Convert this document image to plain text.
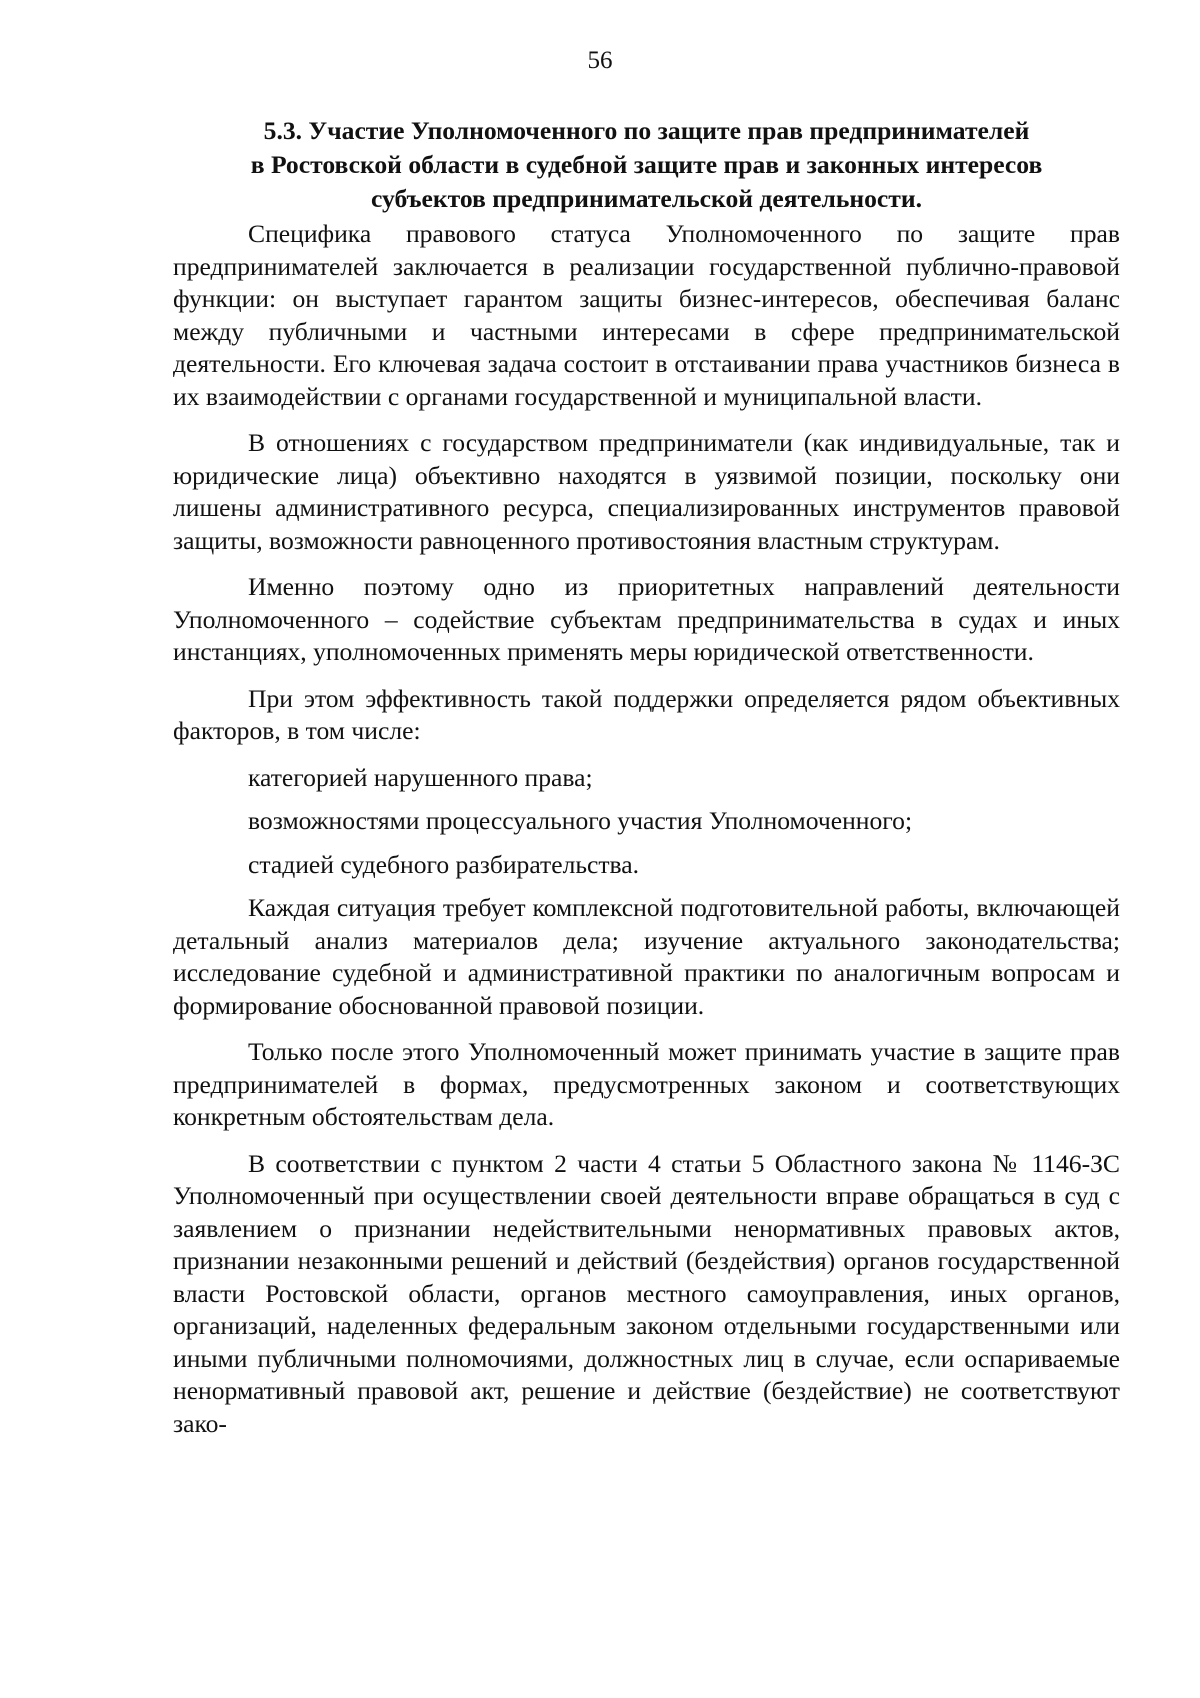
56
5.3. Участие Уполномоченного по защите прав предпринимателей
в Ростовской области в судебной защите прав и законных интересов
субъектов предпринимательской деятельности.

Специфика правового статуса Уполномоченного по защите прав предпринимателей заключается в реализации государственной публично-правовой функции: он выступает гарантом защиты бизнес-интересов, обеспечивая баланс между публичными и частными интересами в сфере предпринимательской деятельности. Его ключевая задача состоит в отстаивании права участников бизнеса в их взаимодействии с органами государственной и муниципальной власти.

В отношениях с государством предприниматели (как индивидуальные, так и юридические лица) объективно находятся в уязвимой позиции, поскольку они лишены административного ресурса, специализированных инструментов правовой защиты, возможности равноценного противостояния властным структурам.

Именно поэтому одно из приоритетных направлений деятельности Уполномоченного – содействие субъектам предпринимательства в судах и иных инстанциях, уполномоченных применять меры юридической ответственности.

При этом эффективность такой поддержки определяется рядом объективных факторов, в том числе:

категорией нарушенного права;
возможностями процессуального участия Уполномоченного;
стадией судебного разбирательства.

Каждая ситуация требует комплексной подготовительной работы, включающей детальный анализ материалов дела; изучение актуального законодательства; исследование судебной и административной практики по аналогичным вопросам и формирование обоснованной правовой позиции.

Только после этого Уполномоченный может принимать участие в защите прав предпринимателей в формах, предусмотренных законом и соответствующих конкретным обстоятельствам дела.

В соответствии с пунктом 2 части 4 статьи 5 Областного закона № 1146-ЗС Уполномоченный при осуществлении своей деятельности вправе обращаться в суд с заявлением о признании недействительными ненормативных правовых актов, признании незаконными решений и действий (бездействия) органов государственной власти Ростовской области, органов местного самоуправления, иных органов, организаций, наделенных федеральным законом отдельными государственными или иными публичными полномочиями, должностных лиц в случае, если оспариваемые ненормативный правовой акт, решение и действие (бездействие) не соответствуют зако-
